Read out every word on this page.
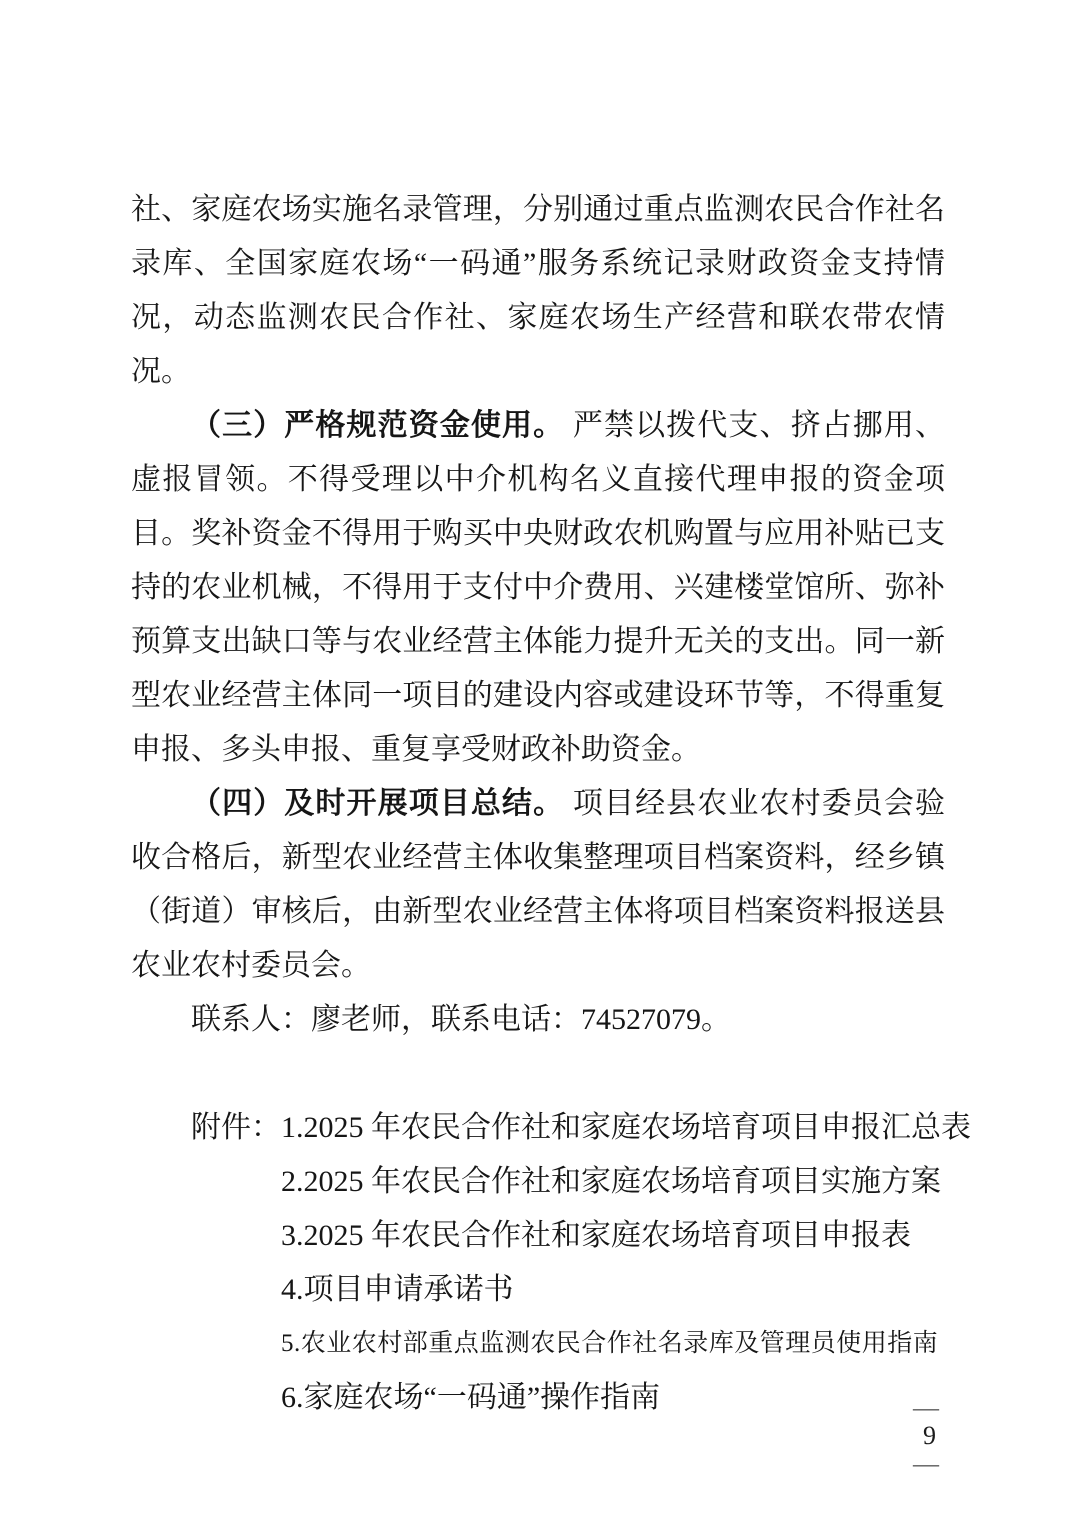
社、家庭农场实施名录管理，分别通过重点监测农民合作社名录库、全国家庭农场“一码通”服务系统记录财政资金支持情况，动态监测农民合作社、家庭农场生产经营和联农带农情况。

（三）严格规范资金使用。 严禁以拨代支、挤占挪用、虚报冒领。不得受理以中介机构名义直接代理申报的资金项目。奖补资金不得用于购买中央财政农机购置与应用补贴已支持的农业机械，不得用于支付中介费用、兴建楼堂馆所、弥补预算支出缺口等与农业经营主体能力提升无关的支出。同一新型农业经营主体同一项目的建设内容或建设环节等，不得重复申报、多头申报、重复享受财政补助资金。

（四）及时开展项目总结。 项目经县农业农村委员会验收合格后，新型农业经营主体收集整理项目档案资料，经乡镇（街道）审核后，由新型农业经营主体将项目档案资料报送县农业农村委员会。

联系人：廖老师，联系电话：74527079。

附件： 1.2025 年农民合作社和家庭农场培育项目申报汇总表
2.2025 年农民合作社和家庭农场培育项目实施方案
3.2025 年农民合作社和家庭农场培育项目申报表
4.项目申请承诺书
5.农业农村部重点监测农民合作社名录库及管理员使用指南
6.家庭农场“一码通”操作指南	—
9
—
